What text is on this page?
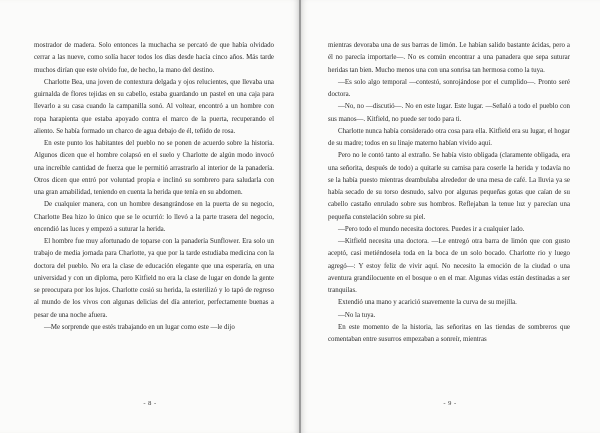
mostrador de madera. Solo entonces la muchacha se percató de que había olvidado cerrar a las nueve, como solía hacer todos los días desde hacía cinco años. Más tarde muchos dirían que este olvido fue, de hecho, la mano del destino.

Charlotte Bea, una joven de contextura delgada y ojos relucientes, que llevaba una guirnalda de flores tejidas en su cabello, estaba guardando un pastel en una caja para llevarlo a su casa cuando la campanilla sonó. Al voltear, encontró a un hombre con ropa harapienta que estaba apoyado contra el marco de la puerta, recuperando el aliento. Se había formado un charco de agua debajo de él, teñido de rosa.

En este punto los habitantes del pueblo no se ponen de acuerdo sobre la historia. Algunos dicen que el hombre colapsó en el suelo y Charlotte de algún modo invocó una increíble cantidad de fuerza que le permitió arrastrarlo al interior de la panadería. Otros dicen que entró por voluntad propia e inclinó su sombrero para saludarla con una gran amabilidad, teniendo en cuenta la herida que tenía en su abdomen.

De cualquier manera, con un hombre desangrándose en la puerta de su negocio, Charlotte Bea hizo lo único que se le ocurrió: lo llevó a la parte trasera del negocio, encendió las luces y empezó a suturar la herida.

El hombre fue muy afortunado de toparse con la panadería Sunflower. Era solo un trabajo de media jornada para Charlotte, ya que por la tarde estudiaba medicina con la doctora del pueblo. No era la clase de educación elegante que una esperaría, en una universidad y con un diploma, pero Kitfield no era la clase de lugar en donde la gente se preocupara por los lujos. Charlotte cosió su herida, la esterilizó y lo tapó de regreso al mundo de los vivos con algunas delicias del día anterior, perfectamente buenas a pesar de una noche afuera.

—Me sorprende que estés trabajando en un lugar como este —le dijo

- 8 -

mientras devoraba una de sus barras de limón. Le habían salido bastante ácidas, pero a él no parecía importarle—. No es común encontrar a una panadera que sepa suturar heridas tan bien. Mucho menos una con una sonrisa tan hermosa como la tuya.

—Es solo algo temporal —contestó, sonrojándose por el cumplido—. Pronto seré doctora.

—No, no —discutió—. No en este lugar. Este lugar. —Señaló a todo el pueblo con sus manos—. Kitfield, no puede ser todo para ti.

Charlotte nunca había considerado otra cosa para ella. Kitfield era su lugar, el hogar de su madre; todos en su linaje materno habían vivido aquí.

Pero no le contó tanto al extraño. Se había visto obligada (claramente obligada, era una señorita, después de todo) a quitarle su camisa para coserle la herida y todavía no se la había puesto mientras deambulaba alrededor de una mesa de café. La lluvia ya se había secado de su torso desnudo, salvo por algunas pequeñas gotas que caían de su cabello castaño enrulado sobre sus hombros. Reflejaban la tenue luz y parecían una pequeña constelación sobre su piel.

—Pero todo el mundo necesita doctores. Puedes ir a cualquier lado.

—Kitfield necesita una doctora. —Le entregó otra barra de limón que con gusto aceptó, casi metiéndosela toda en la boca de un solo bocado. Charlotte rio y luego agregó—: Y estoy feliz de vivir aquí. No necesito la emoción de la ciudad o una aventura grandilocuente en el bosque o en el mar. Algunas vidas están destinadas a ser tranquilas.

Extendió una mano y acarició suavemente la curva de su mejilla.

—No la tuya.

En este momento de la historia, las señoritas en las tiendas de sombreros que comentaban entre susurros empezaban a sonreír, mientras

- 9 -
